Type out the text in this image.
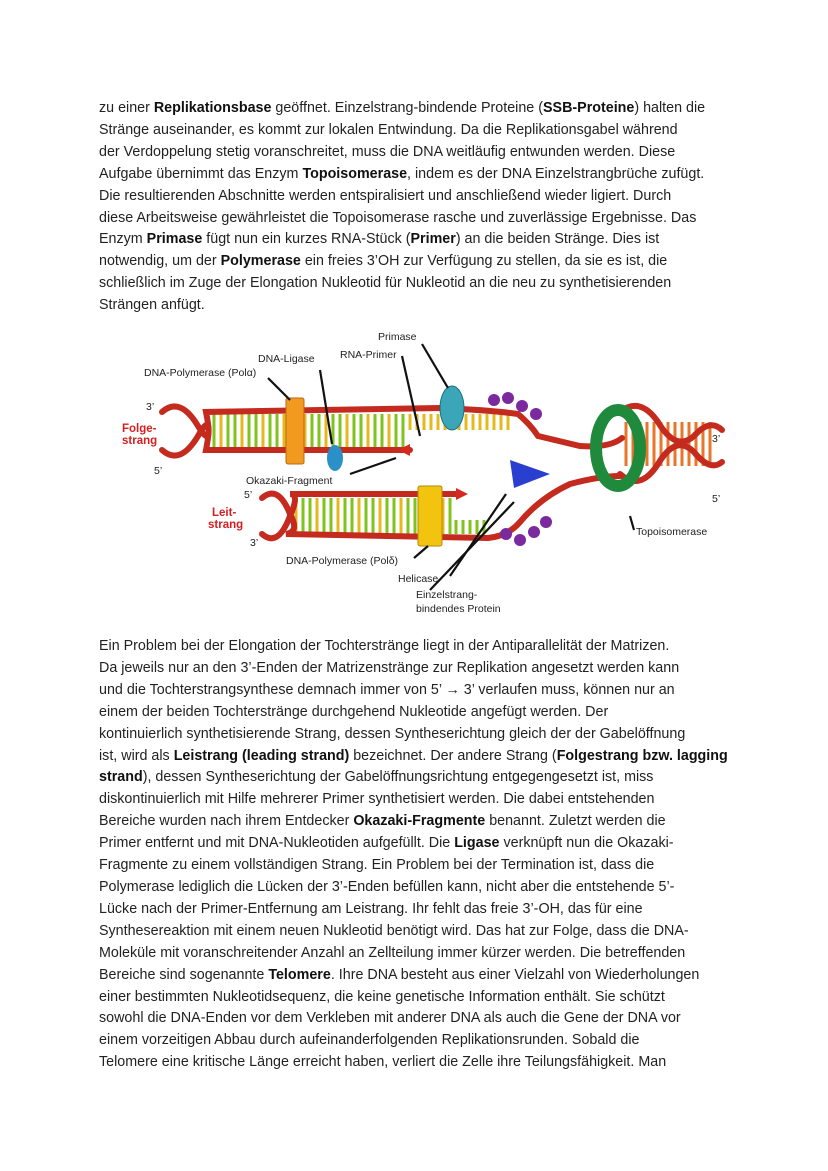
zu einer Replikationsbase geöffnet. Einzelstrang-bindende Proteine (SSB-Proteine) halten die
Stränge auseinander, es kommt zur lokalen Entwindung. Da die Replikationsgabel während
der Verdoppelung stetig voranschreitet, muss die DNA weitläufig entwunden werden. Diese
Aufgabe übernimmt das Enzym Topoisomerase, indem es der DNA Einzelstrangbrüche zufügt.
Die resultierenden Abschnitte werden entspiralisiert und anschließend wieder ligiert. Durch
diese Arbeitsweise gewährleistet die Topoisomerase rasche und zuverlässige Ergebnisse. Das
Enzym Primase fügt nun ein kurzes RNA-Stück (Primer) an die beiden Stränge. Dies ist
notwendig, um der Polymerase ein freies 3’OH zur Verfügung zu stellen, da sie es ist, die
schließlich im Zuge der Elongation Nukleotid für Nukleotid an die neu zu synthetisierenden
Strängen anfügt.
Primase
RNA-Primer
DNA-Ligase
DNA-Polymerase (Polα)
Okazaki-Fragment
DNA-Polymerase (Polδ)
Helicase
Einzelstrang-
bindendes Protein
Topoisomerase
Folge-
strang
Leit-
strang
3’
5’
5’
3’
3’
5’
Ein Problem bei der Elongation der Tochterstränge liegt in der Antiparallelität der Matrizen.
Da jeweils nur an den 3’-Enden der Matrizenstränge zur Replikation angesetzt werden kann
und die Tochterstrangsynthese demnach immer von 5’ → 3’ verlaufen muss, können nur an
einem der beiden Tochterstränge durchgehend Nukleotide angefügt werden. Der
kontinuierlich synthetisierende Strang, dessen Syntheserichtung gleich der der Gabelöffnung
ist, wird als Leistrang (leading strand) bezeichnet. Der andere Strang (Folgestrang bzw. lagging
strand), dessen Syntheserichtung der Gabelöffnungsrichtung entgegengesetzt ist, miss
diskontinuierlich mit Hilfe mehrerer Primer synthetisiert werden. Die dabei entstehenden
Bereiche wurden nach ihrem Entdecker Okazaki-Fragmente benannt. Zuletzt werden die
Primer entfernt und mit DNA-Nukleotiden aufgefüllt. Die Ligase verknüpft nun die Okazaki-
Fragmente zu einem vollständigen Strang. Ein Problem bei der Termination ist, dass die
Polymerase lediglich die Lücken der 3’-Enden befüllen kann, nicht aber die entstehende 5’-
Lücke nach der Primer-Entfernung am Leistrang. Ihr fehlt das freie 3’-OH, das für eine
Synthesereaktion mit einem neuen Nukleotid benötigt wird. Das hat zur Folge, dass die DNA-
Moleküle mit voranschreitender Anzahl an Zellteilung immer kürzer werden. Die betreffenden
Bereiche sind sogenannte Telomere. Ihre DNA besteht aus einer Vielzahl von Wiederholungen
einer bestimmten Nukleotidsequenz, die keine genetische Information enthält. Sie schützt
sowohl die DNA-Enden vor dem Verkleben mit anderer DNA als auch die Gene der DNA vor
einem vorzeitigen Abbau durch aufeinanderfolgenden Replikationsrunden. Sobald die
Telomere eine kritische Länge erreicht haben, verliert die Zelle ihre Teilungsfähigkeit. Man
